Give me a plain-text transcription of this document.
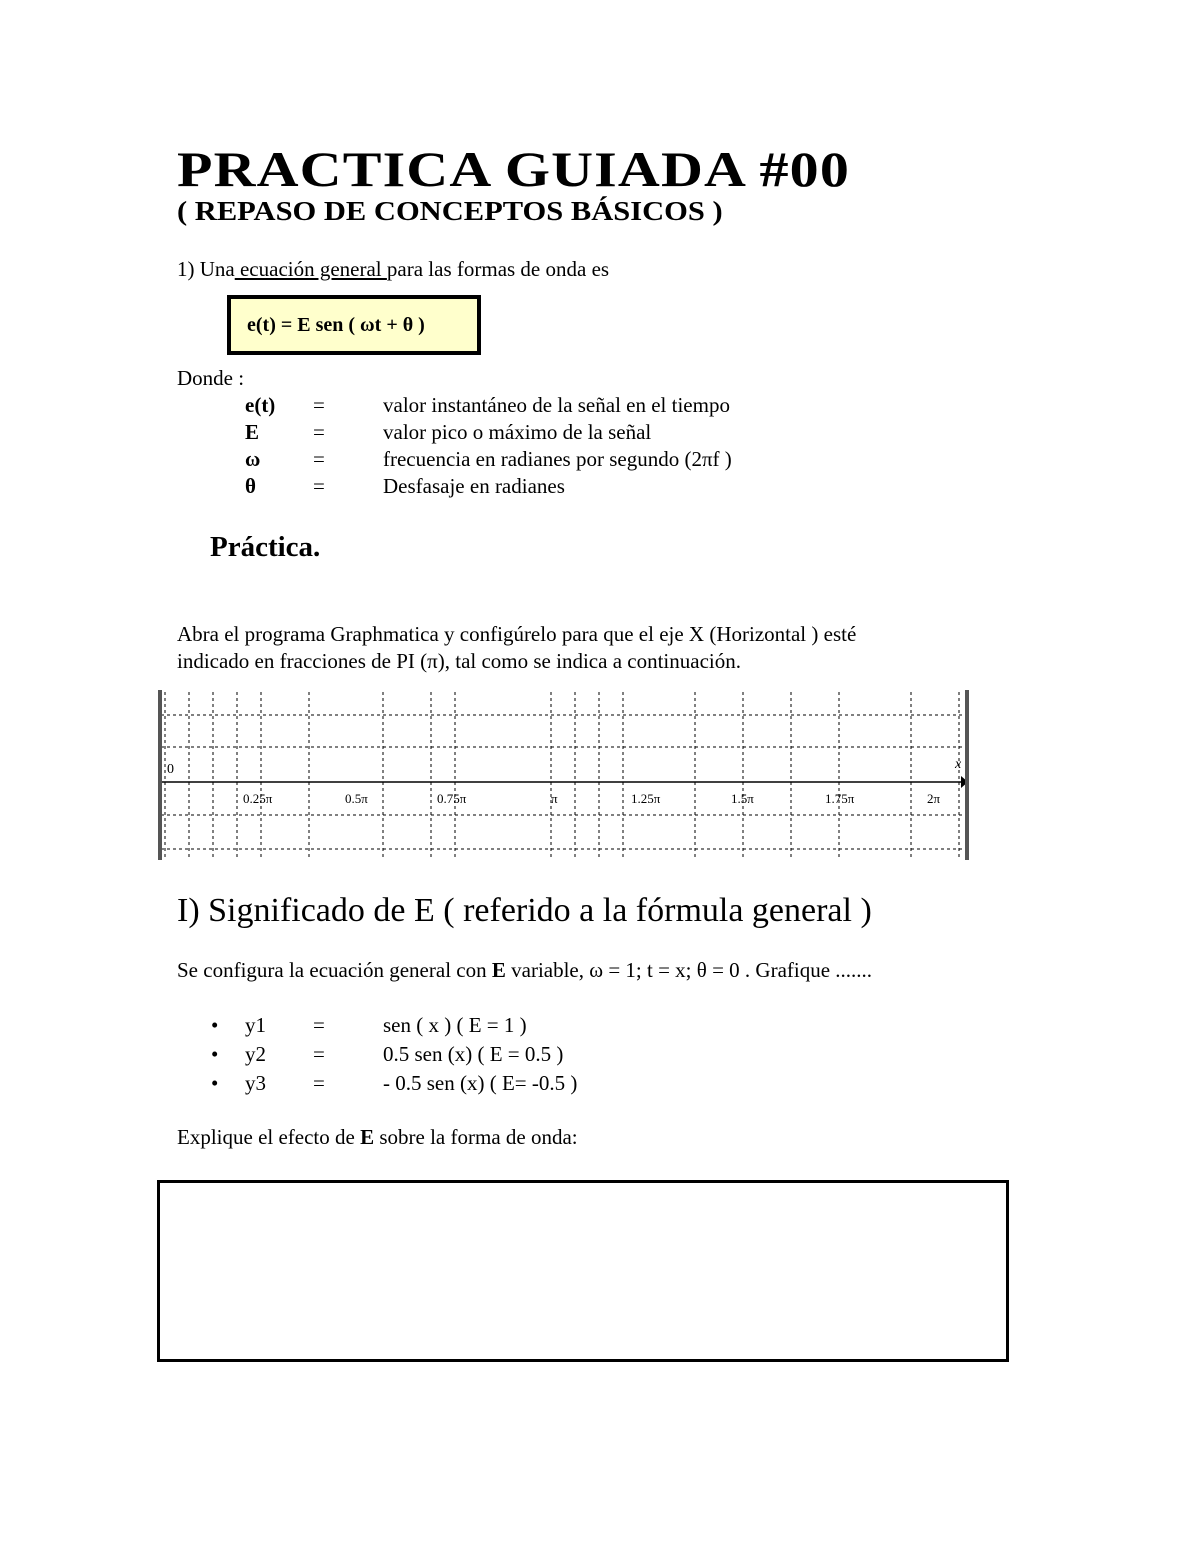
PRACTICA GUIADA #00
( REPASO DE CONCEPTOS BÁSICOS )
1) Una ecuación general para las formas de onda es
e(t) = E sen ( ωt + θ )
Donde :
e(t) =	valor instantáneo de la señal en el tiempo
E	=	valor pico o máximo de la señal
ω	=	frecuencia en radianes por segundo (2πf )
θ	=	Desfasaje en radianes
Práctica.
Abra el programa Graphmatica y configúrelo para que el eje X (Horizontal ) esté
indicado en fracciones de PI (π), tal como se indica a continuación.
0	x
0.25π	0.5π	0.75π	π	1.25π	1.5π	1.75π	2π
I) Significado de E ( referido a la fórmula general )
Se configura la ecuación general con E variable, ω = 1; t = x; θ = 0 . Grafique .......
• y1 =	sen ( x ) ( E = 1 )
• y2 =	0.5 sen (x) ( E = 0.5 )
• y3 =	- 0.5 sen (x) ( E= -0.5 )
Explique el efecto de E sobre la forma de onda:
